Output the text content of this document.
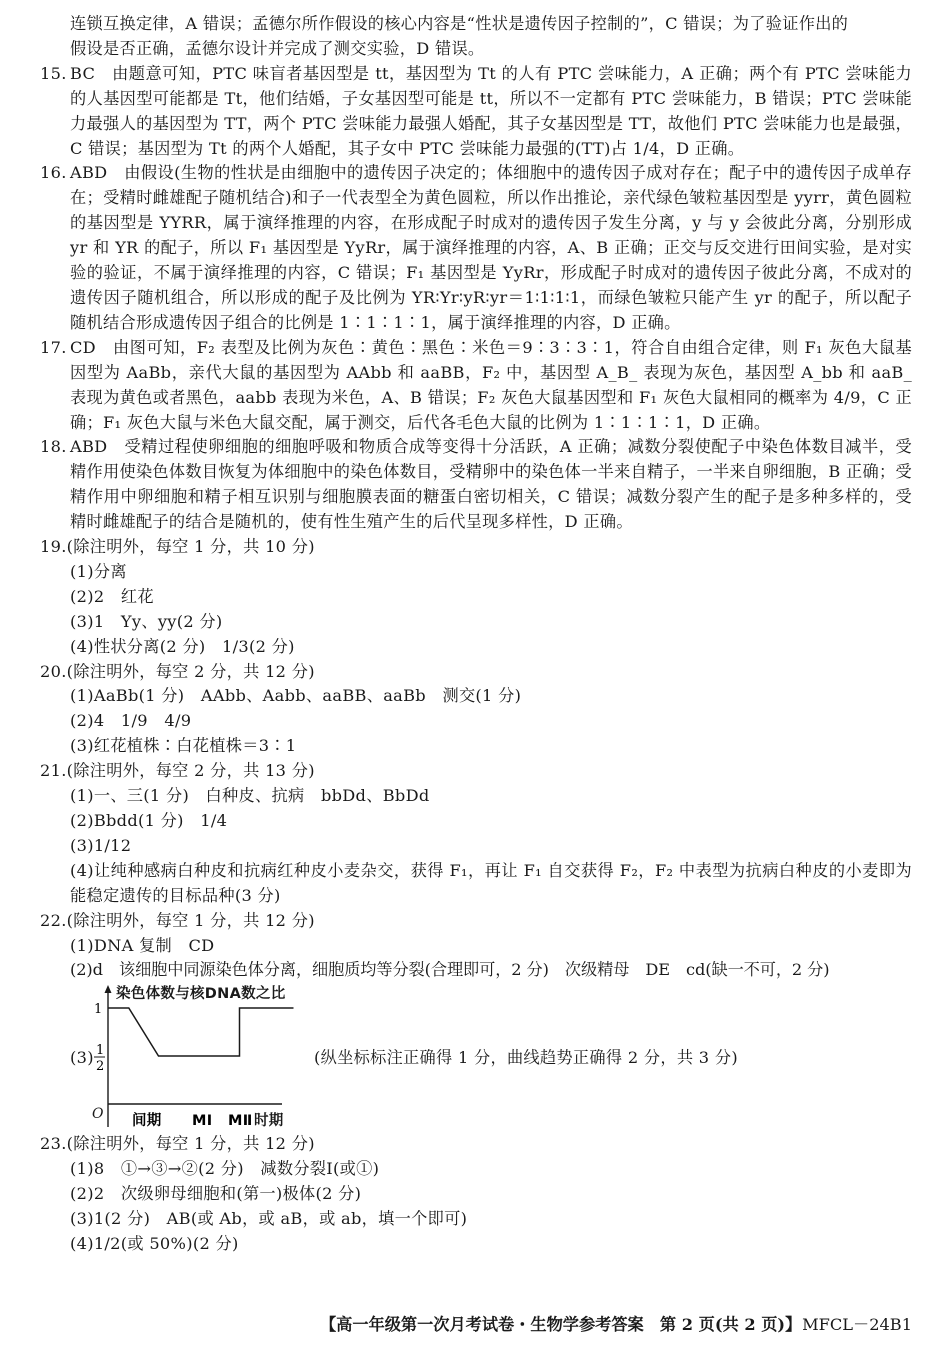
连锁互换定律，A 错误；孟德尔所作假设的核心内容是“性状是遗传因子控制的”，C 错误；为了验证作出的

假设是否正确，孟德尔设计并完成了测交实验，D 错误。

15. BC　由题意可知，PTC 味盲者基因型是 tt，基因型为 Tt 的人有 PTC 尝味能力，A 正确；两个有 PTC 尝味能力的人基因型可能都是 Tt，他们结婚，子女基因型可能是 tt，所以不一定都有 PTC 尝味能力，B 错误；PTC 尝味能力最强人的基因型为 TT，两个 PTC 尝味能力最强人婚配，其子女基因型是 TT，故他们 PTC 尝味能力也是最强，C 错误；基因型为 Tt 的两个人婚配，其子女中 PTC 尝味能力最强的(TT)占 1/4，D 正确。

16. ABD　由假设(生物的性状是由细胞中的遗传因子决定的；体细胞中的遗传因子成对存在；配子中的遗传因子成单存在；受精时雌雄配子随机结合)和子一代表型全为黄色圆粒，所以作出推论，亲代绿色皱粒基因型是 yyrr，黄色圆粒的基因型是 YYRR，属于演绎推理的内容，在形成配子时成对的遗传因子发生分离，y 与 y 会彼此分离，分别形成 yr 和 YR 的配子，所以 F₁ 基因型是 YyRr，属于演绎推理的内容，A、B 正确；正交与反交进行田间实验，是对实验的验证，不属于演绎推理的内容，C 错误；F₁ 基因型是 YyRr，形成配子时成对的遗传因子彼此分离，不成对的遗传因子随机组合，所以形成的配子及比例为 YR∶Yr∶yR∶yr＝1∶1∶1∶1，而绿色皱粒只能产生 yr 的配子，所以配子随机结合形成遗传因子组合的比例是 1∶1∶1∶1，属于演绎推理的内容，D 正确。

17. CD　由图可知，F₂ 表型及比例为灰色∶黄色∶黑色∶米色＝9∶3∶3∶1，符合自由组合定律，则 F₁ 灰色大鼠基因型为 AaBb，亲代大鼠的基因型为 AAbb 和 aaBB，F₂ 中，基因型 A_B_ 表现为灰色，基因型 A_bb 和 aaB_ 表现为黄色或者黑色，aabb 表现为米色，A、B 错误；F₂ 灰色大鼠基因型和 F₁ 灰色大鼠相同的概率为 4/9，C 正确；F₁ 灰色大鼠与米色大鼠交配，属于测交，后代各毛色大鼠的比例为 1∶1∶1∶1，D 正确。

18. ABD　受精过程使卵细胞的细胞呼吸和物质合成等变得十分活跃，A 正确；减数分裂使配子中染色体数目减半，受精作用使染色体数目恢复为体细胞中的染色体数目，受精卵中的染色体一半来自精子，一半来自卵细胞，B 正确；受精作用中卵细胞和精子相互识别与细胞膜表面的糖蛋白密切相关，C 错误；减数分裂产生的配子是多种多样的，受精时雌雄配子的结合是随机的，使有性生殖产生的后代呈现多样性，D 正确。

19.(除注明外，每空 1 分，共 10 分)

(1)分离

(2)2　红花

(3)1　Yy、yy(2 分)

(4)性状分离(2 分)　1/3(2 分)

20.(除注明外，每空 2 分，共 12 分)

(1)AaBb(1 分)　AAbb、Aabb、aaBB、aaBb　测交(1 分)

(2)4　1/9　4/9

(3)红花植株∶白花植株＝3∶1

21.(除注明外，每空 2 分，共 13 分)

(1)一、三(1 分)　白种皮、抗病　bbDd、BbDd

(2)Bbdd(1 分)　1/4

(3)1/12

(4)让纯种感病白种皮和抗病红种皮小麦杂交，获得 F₁，再让 F₁ 自交获得 F₂，F₂ 中表型为抗病白种皮的小麦即为能稳定遗传的目标品种(3 分)

22.(除注明外，每空 1 分，共 12 分)

(1)DNA 复制　CD

(2)d　该细胞中同源染色体分离，细胞质均等分裂(合理即可，2 分)　次级精母　DE　cd(缺一不可，2 分)

(3)
染色体数与核DNA数之比
O
1
1
2
间期 MⅠ MⅡ 时期
(纵坐标标注正确得 1 分，曲线趋势正确得 2 分，共 3 分)

23.(除注明外，每空 1 分，共 12 分)

(1)8　①→③→②(2 分)　减数分裂Ⅰ(或①)

(2)2　次级卵母细胞和(第一)极体(2 分)

(3)1(2 分)　AB(或 Ab，或 aB，或 ab，填一个即可)

(4)1/2(或 50%)(2 分)

【高一年级第一次月考试卷・生物学参考答案　第 2 页(共 2 页)】 MFCL－24B1
